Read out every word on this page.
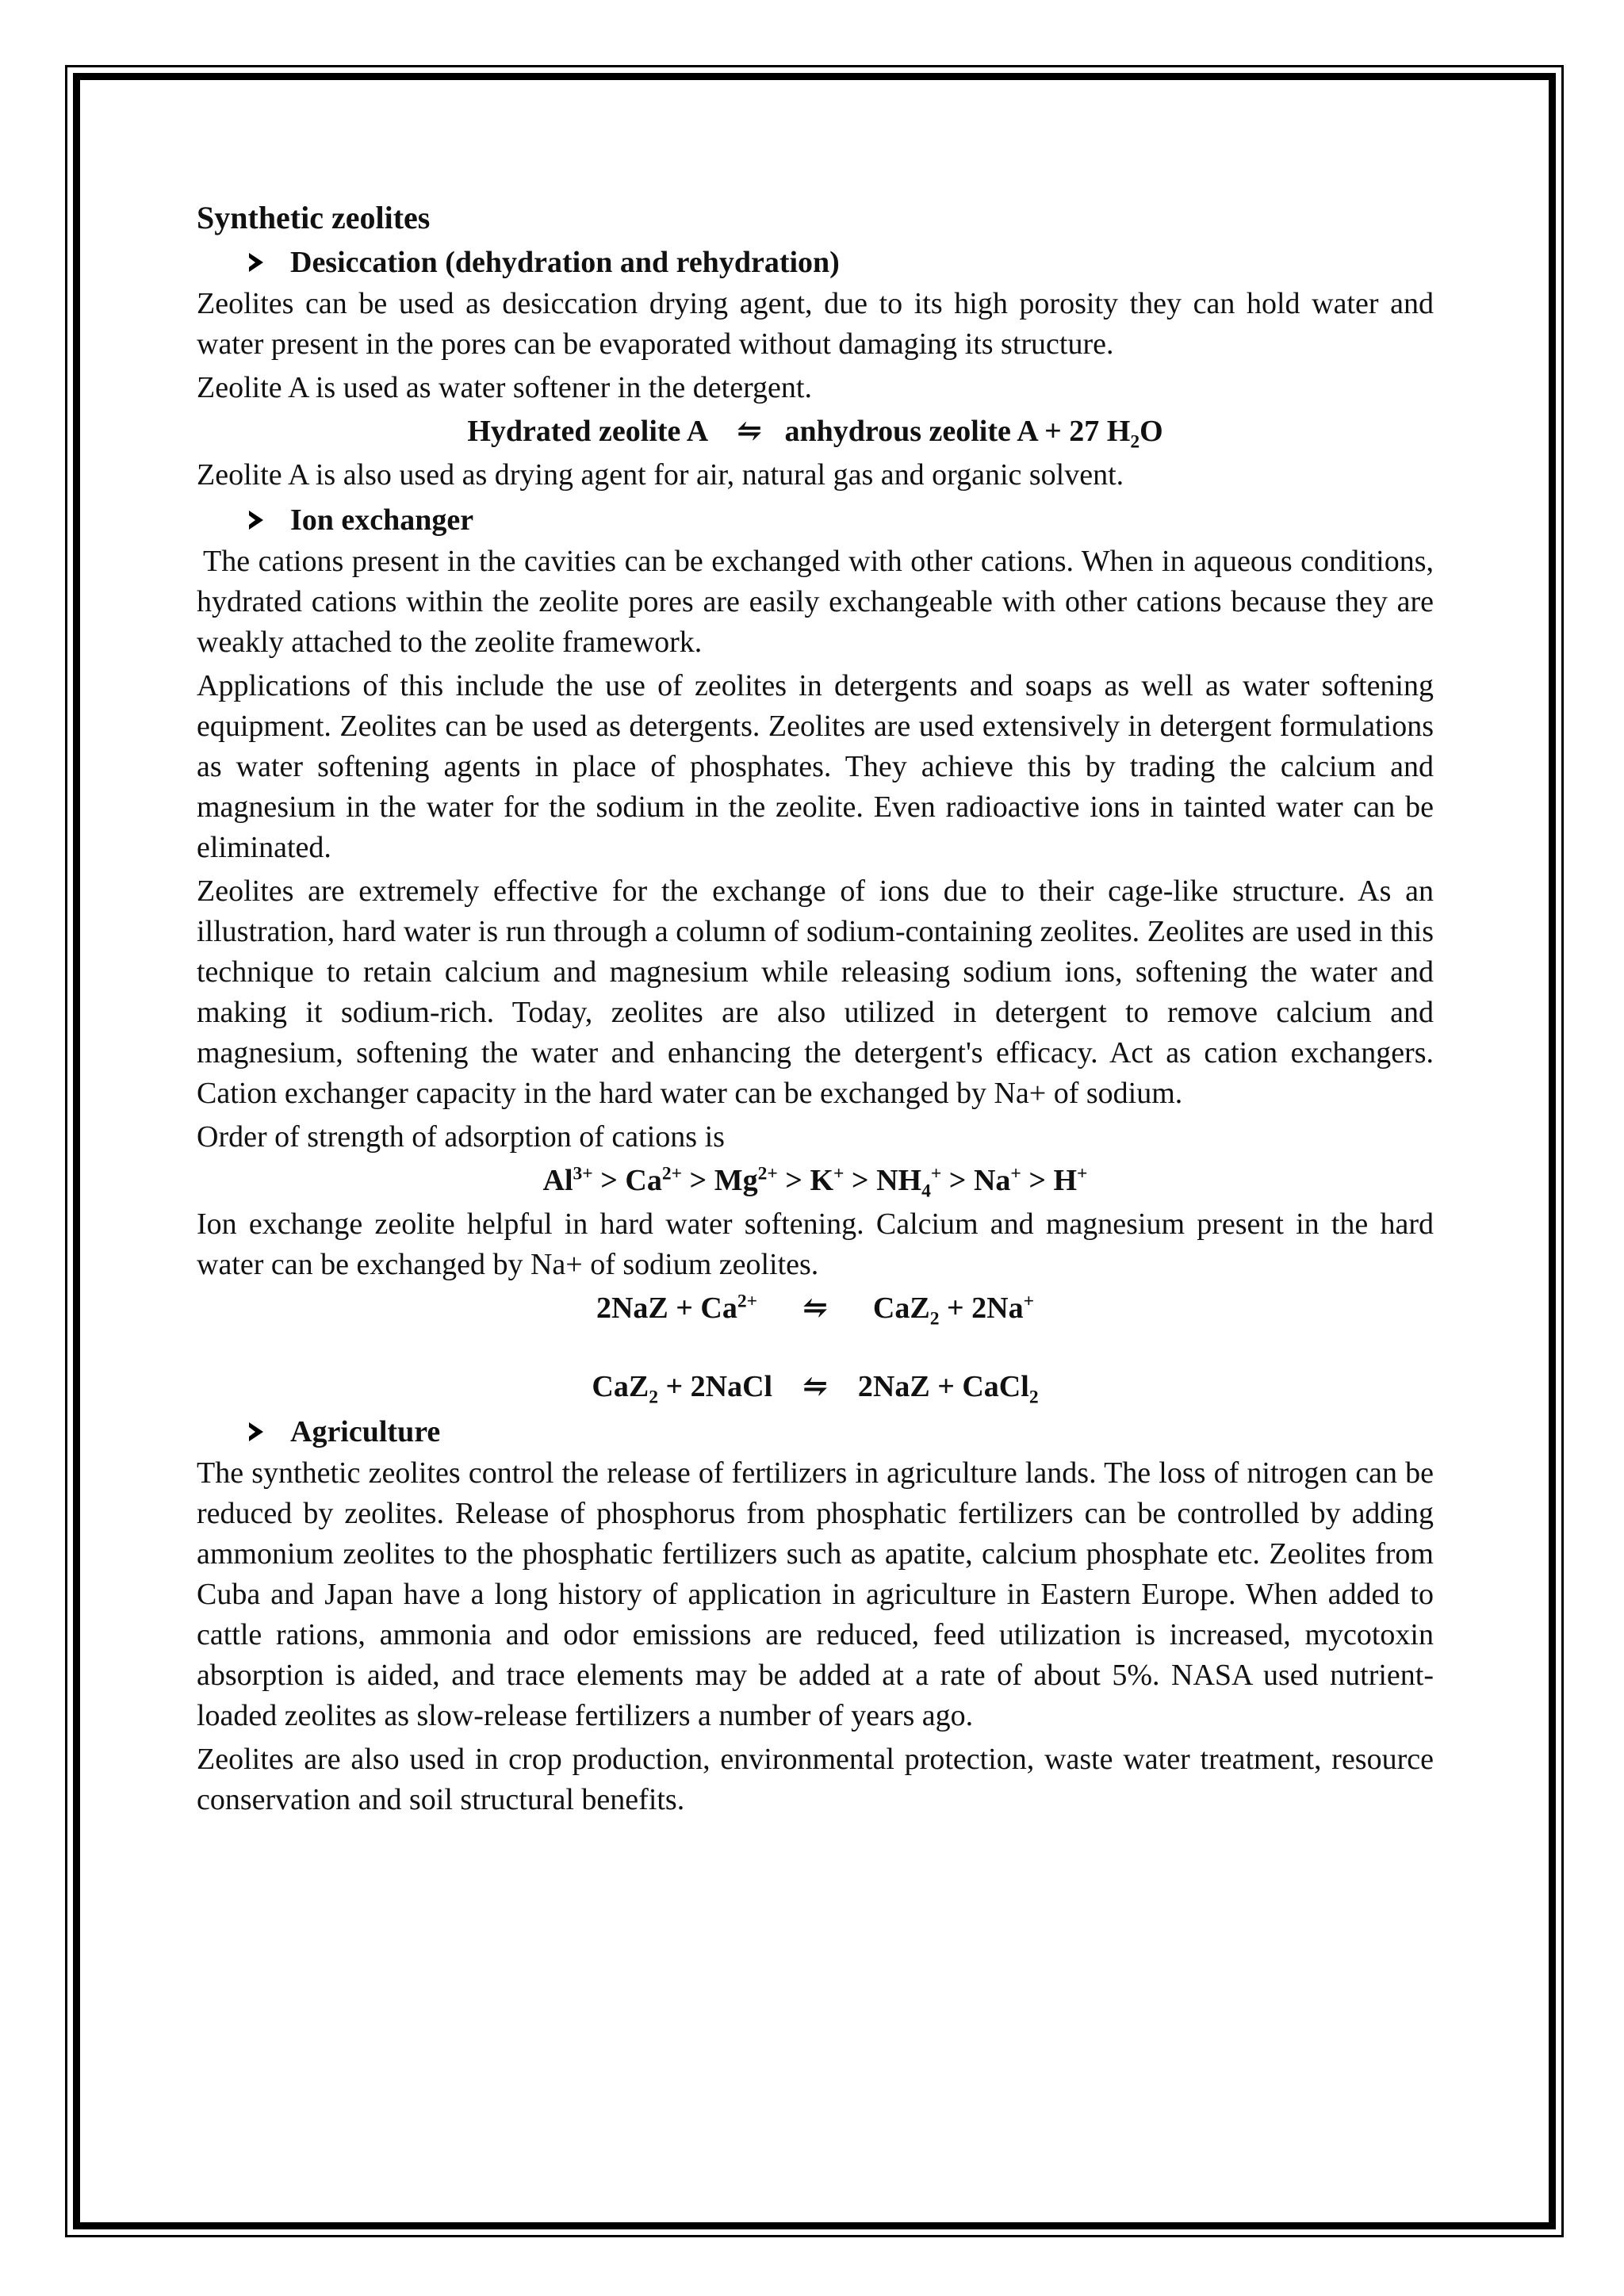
Synthetic zeolites
Desiccation (dehydration and rehydration)

Zeolites can be used as desiccation drying agent, due to its high porosity they can hold water and water present in the pores can be evaporated without damaging its structure.

Zeolite A is used as water softener in the detergent.

Hydrated zeolite A ⇋ anhydrous zeolite A + 27 $H_2O$

Zeolite A is also used as drying agent for air, natural gas and organic solvent.

Ion exchanger

The cations present in the cavities can be exchanged with other cations. When in aqueous conditions, hydrated cations within the zeolite pores are easily exchangeable with other cations because they are weakly attached to the zeolite framework.

Applications of this include the use of zeolites in detergents and soaps as well as water softening equipment. Zeolites can be used as detergents. Zeolites are used extensively in detergent formulations as water softening agents in place of phosphates. They achieve this by trading the calcium and magnesium in the water for the sodium in the zeolite. Even radioactive ions in tainted water can be eliminated.

Zeolites are extremely effective for the exchange of ions due to their cage-like structure. As an illustration, hard water is run through a column of sodium-containing zeolites. Zeolites are used in this technique to retain calcium and magnesium while releasing sodium ions, softening the water and making it sodium-rich. Today, zeolites are also utilized in detergent to remove calcium and magnesium, softening the water and enhancing the detergent's efficacy. Act as cation exchangers. Cation exchanger capacity in the hard water can be exchanged by Na+ of sodium.

Order of strength of adsorption of cations is

$Al^{3+} > Ca^{2+} > Mg^{2+} > K^+ > NH_4^+ > Na^+ > H^+$

Ion exchange zeolite helpful in hard water softening. Calcium and magnesium present in the hard water can be exchanged by Na+ of sodium zeolites.

$2NaZ + Ca^{2+}$ ⇋ CaZ$_2$ + 2Na+
CaZ$_2$ + 2NaCl ⇋ 2NaZ + CaCl$_2$
Agriculture

The synthetic zeolites control the release of fertilizers in agriculture lands. The loss of nitrogen can be reduced by zeolites. Release of phosphorus from phosphatic fertilizers can be controlled by adding ammonium zeolites to the phosphatic fertilizers such as apatite, calcium phosphate etc. Zeolites from Cuba and Japan have a long history of application in agriculture in Eastern Europe. When added to cattle rations, ammonia and odor emissions are reduced, feed utilization is increased, mycotoxin absorption is aided, and trace elements may be added at a rate of about 5%. NASA used nutrient-loaded zeolites as slow-release fertilizers a number of years ago.

Zeolites are also used in crop production, environmental protection, waste water treatment, resource conservation and soil structural benefits.
